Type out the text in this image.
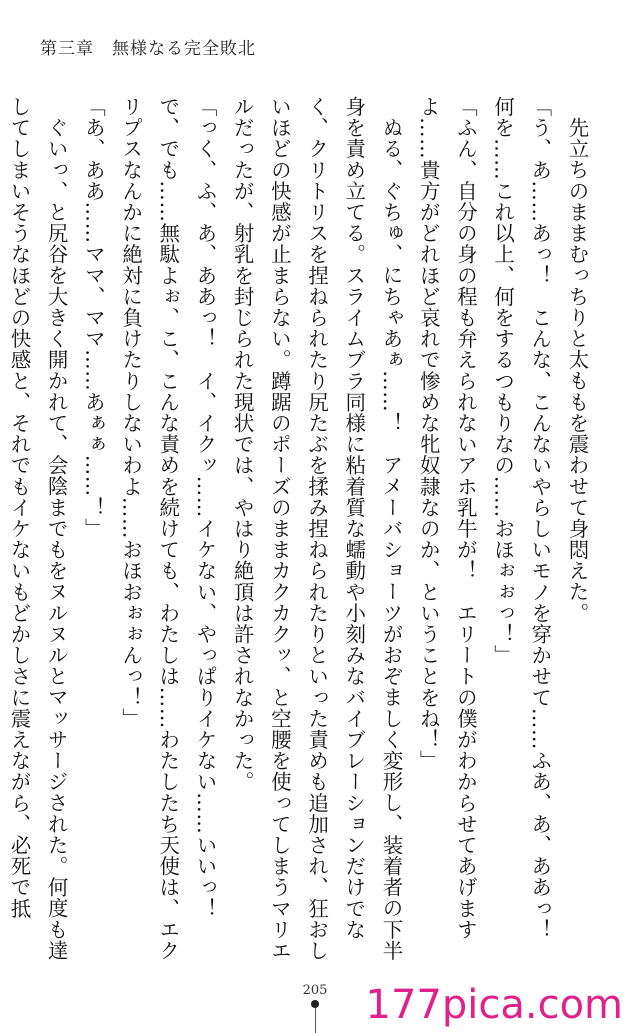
第三章　無様なる完全敗北

先立ちのままむっちりと太ももを震わせて身悶えた。

「う、あ……あっ！　こんな、こんないやらしいモノを穿かせて……ふあ、あ、ああっ！　何を……これ以上、何をするつもりなの……おほぉぉっ！」

「ふん、自分の身の程も弁えられないアホ乳牛が！　エリートの僕がわからせてあげますよ……貴方がどれほど哀れで惨めな牝奴隷なのか、ということをね！」

ぬる、ぐちゅ、にちゃあぁ……！　アメーバショーツがおぞましく変形し、装着者の下半身を責め立てる。スライムブラ同様に粘着質な蠕動や小刻みなバイブレーションだけでなく、クリトリスを捏ねられたり尻たぶを揉み捏ねられたりといった責めも追加され、狂おしいほどの快感が止まらない。蹲踞のポーズのままカクカクッ、と空腰を使ってしまうマリエルだったが、射乳を封じられた現状では、やはり絶頂は許されなかった。

「っく、ふ、あ、ああっ！　イ、イクッ……イケない、やっぱりイケない……いいっ！　で、でも……無駄よぉ、こ、こんな責めを続けても、わたしは……わたしたち天使は、エクリプスなんかに絶対に負けたりしないわよ……おほおぉぉんっ！」

「あ、ああ……ママ、ママ……あぁぁ……！」

ぐいっ、と尻谷を大きく開かれて、会陰までもをヌルヌルとマッサージされた。何度も達してしまいそうなほどの快感と、それでもイケないもどかしさに震えながら、必死で抵

205 177pica.com
